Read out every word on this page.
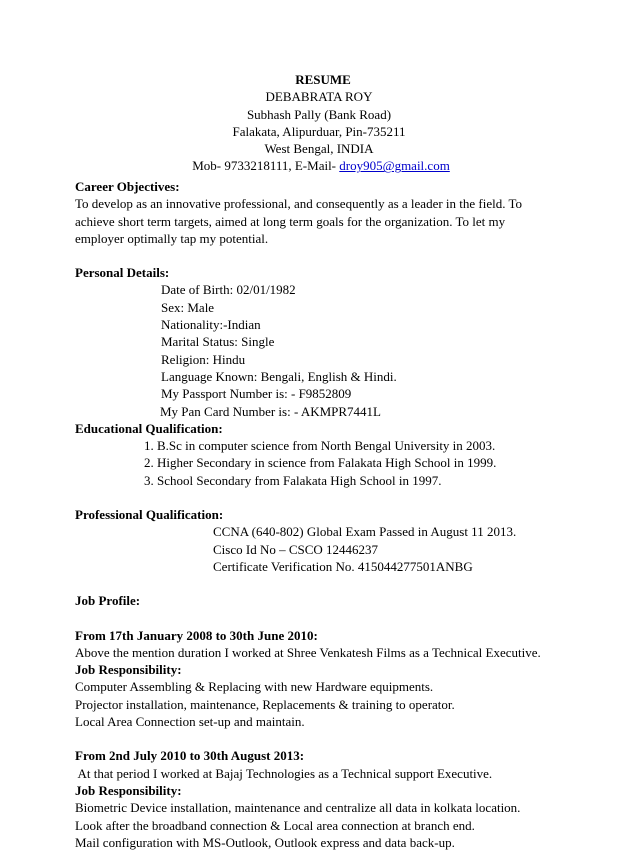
RESUME
DEBABRATA ROY
Subhash Pally (Bank Road)
Falakata, Alipurduar, Pin-735211
West Bengal, INDIA
Mob- 9733218111, E-Mail- droy905@gmail.com
Career Objectives:
To develop as an innovative professional, and consequently as a leader in the field. To achieve short term targets, aimed at long term goals for the organization. To let my employer optimally tap my potential.
Personal Details:
Date of Birth: 02/01/1982
Sex: Male
Nationality:-Indian
Marital Status: Single
Religion: Hindu
Language Known: Bengali, English & Hindi.
My Passport Number is: - F9852809
My Pan Card Number is: - AKMPR7441L
Educational Qualification:
1. B.Sc in computer science from North Bengal University in 2003.
2. Higher Secondary in science from Falakata High School in 1999.
3. School Secondary from Falakata High School in 1997.
Professional Qualification:
CCNA (640-802) Global Exam Passed in August 11 2013.
Cisco Id No – CSCO 12446237
Certificate Verification No. 415044277501ANBG
Job Profile:
From 17th January 2008 to 30th June 2010:
Above the mention duration I worked at Shree Venkatesh Films as a Technical Executive.
Job Responsibility:
Computer Assembling & Replacing with new Hardware equipments.
Projector installation, maintenance, Replacements & training to operator.
Local Area Connection set-up and maintain.
From 2nd July 2010 to 30th August 2013:
At that period I worked at Bajaj Technologies as a Technical support Executive.
Job Responsibility:
Biometric Device installation, maintenance and centralize all data in kolkata location.
Look after the broadband connection & Local area connection at branch end.
Mail configuration with MS-Outlook, Outlook express and data back-up.
